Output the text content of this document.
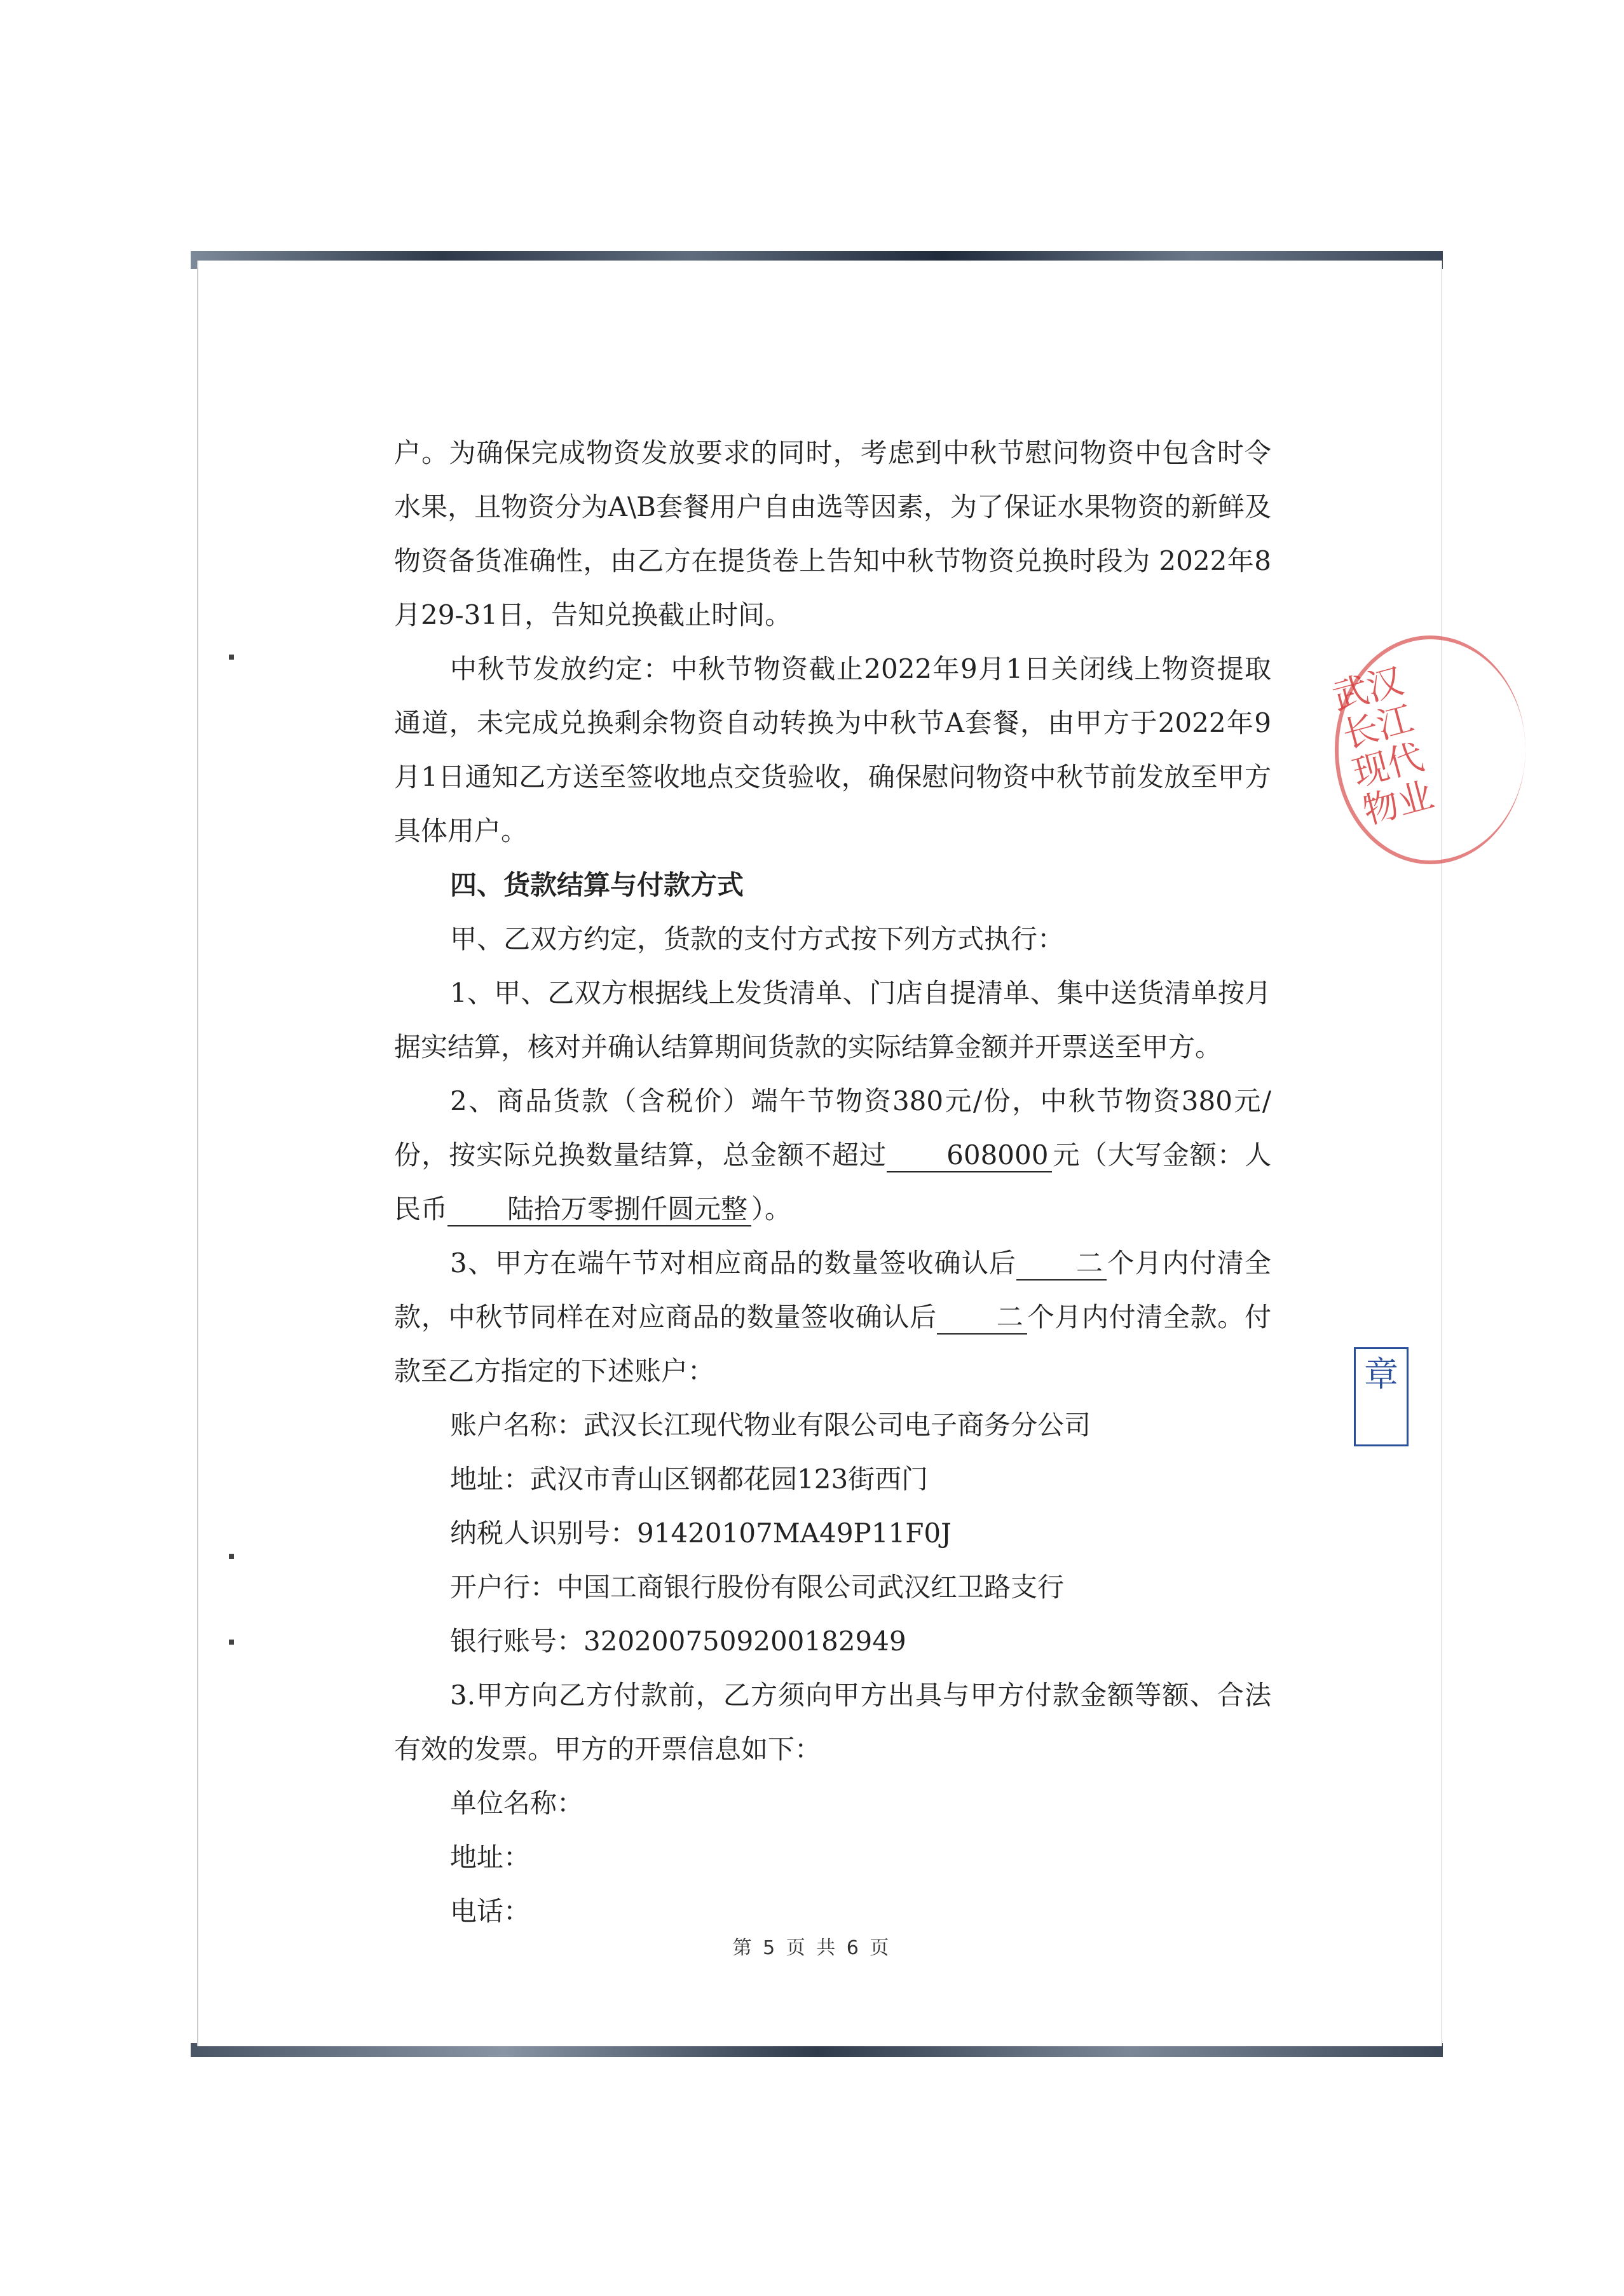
户。为确保完成物资发放要求的同时，考虑到中秋节慰问物资中包含时令水果，且物资分为A\B套餐用户自由选等因素，为了保证水果物资的新鲜及物资备货准确性，由乙方在提货卷上告知中秋节物资兑换时段为 2022年8月29-31日，告知兑换截止时间。

中秋节发放约定：中秋节物资截止2022年9月1日关闭线上物资提取通道，未完成兑换剩余物资自动转换为中秋节A套餐，由甲方于2022年9月1日通知乙方送至签收地点交货验收，确保慰问物资中秋节前发放至甲方具体用户。

四、货款结算与付款方式

甲、乙双方约定，货款的支付方式按下列方式执行：

1、甲、乙双方根据线上发货清单、门店自提清单、集中送货清单按月据实结算，核对并确认结算期间货款的实际结算金额并开票送至甲方。

2、商品货款（含税价）端午节物资380元/份，中秋节物资380元/份，按实际兑换数量结算，总金额不超过 608000 元（大写金额：人民币 陆拾万零捌仟圆元整 ）。

3、甲方在端午节对相应商品的数量签收确认后 二 个月内付清全款，中秋节同样在对应商品的数量签收确认后 二 个月内付清全款。付款至乙方指定的下述账户：

账户名称：武汉长江现代物业有限公司电子商务分公司

地址：武汉市青山区钢都花园123街西门

纳税人识别号：91420107MA49P11F0J

开户行：中国工商银行股份有限公司武汉红卫路支行

银行账号：3202007509200182949

3.甲方向乙方付款前，乙方须向甲方出具与甲方付款金额等额、合法有效的发票。甲方的开票信息如下：

单位名称：

地址：

电话：

第 5 页 共 6 页
武汉长江现代物业
章
